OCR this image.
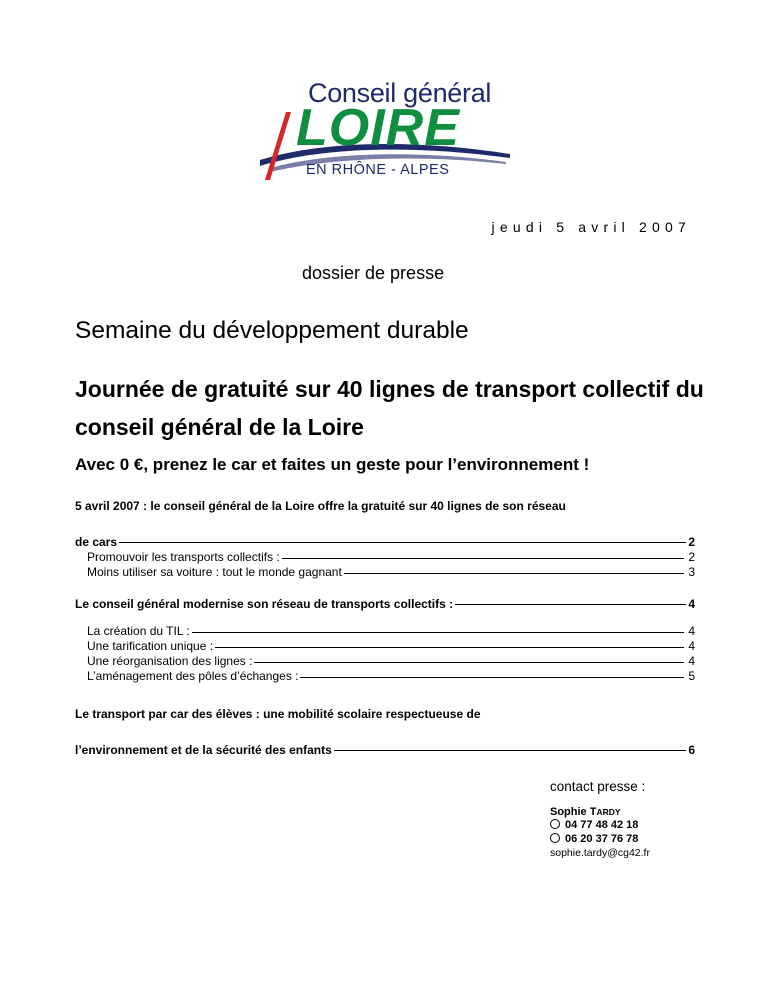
Conseil général
LOIRE
EN RHÔNE - ALPES
jeudi 5 avril 2007
dossier de presse
Semaine du développement durable
Journée de gratuité sur 40 lignes de transport collectif du conseil général de la Loire
Avec 0 €, prenez le car et faites un geste pour l’environnement !
5 avril 2007 : le conseil général de la Loire offre la gratuité sur 40 lignes de son réseau
de cars	2
Promouvoir les transports collectifs :	2
Moins utiliser sa voiture : tout le monde gagnant	3
Le conseil général modernise son réseau de transports collectifs :	4
La création du TIL :	4
Une tarification unique :	4
Une réorganisation des lignes :	4
L’aménagement des pôles d’échanges :	5
Le transport par car des élèves : une mobilité scolaire respectueuse de
l’environnement et de la sécurité des enfants	6
contact presse :
Sophie TARDY
04 77 48 42 18
06 20 37 76 78
sophie.tardy@cg42.fr
